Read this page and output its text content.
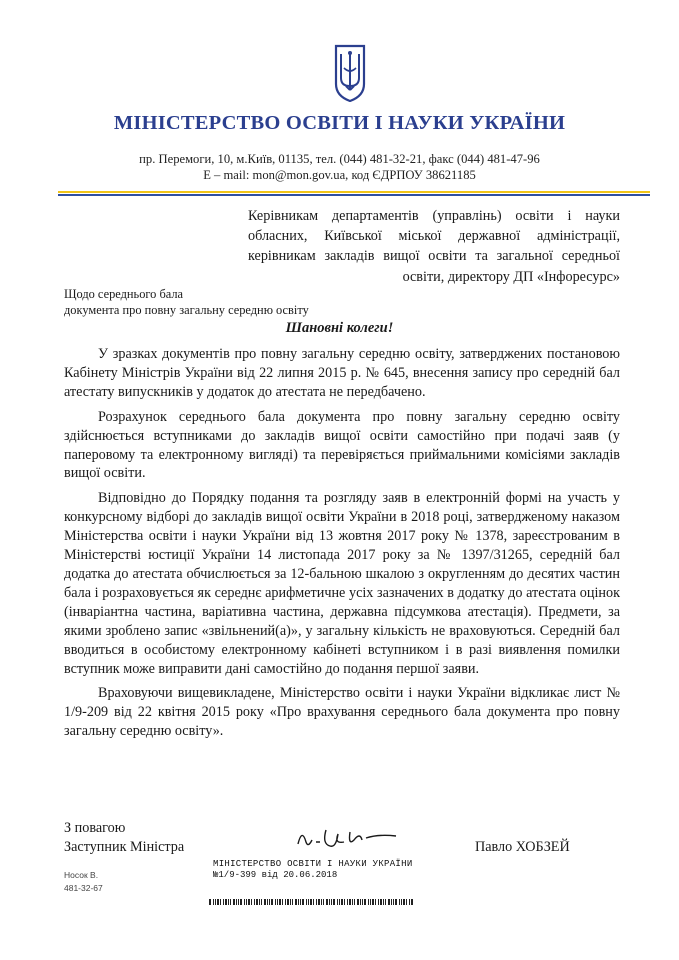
МІНІСТЕРСТВО ОСВІТИ І НАУКИ УКРАЇНИ
пр. Перемоги, 10, м.Київ, 01135, тел. (044) 481-32-21, факс (044) 481-47-96
E – mail: mon@mon.gov.ua, код ЄДРПОУ 38621185
Керівникам департаментів (управлінь) освіти і науки обласних, Київської міської державної адміністрації, керівникам закладів вищої освіти та загальної середньої освіти, директору ДП «Інфоресурс»
Щодо середнього бала
документа про повну загальну середню освіту
Шановні колеги!

У зразках документів про повну загальну середню освіту, затверджених постановою Кабінету Міністрів України від 22 липня 2015 р. № 645, внесення запису про середній бал атестату випускників у додаток до атестата не передбачено.

Розрахунок середнього бала документа про повну загальну середню освіту здійснюється вступниками до закладів вищої освіти самостійно при подачі заяв (у паперовому та електронному вигляді) та перевіряється приймальними комісіями закладів вищої освіти.

Відповідно до Порядку подання та розгляду заяв в електронній формі на участь у конкурсному відборі до закладів вищої освіти України в 2018 році, затвердженому наказом Міністерства освіти і науки України від 13 жовтня 2017 року № 1378, зареєстрованим в Міністерстві юстиції України 14 листопада 2017 року за № 1397/31265, середній бал додатка до атестата обчислюється за 12-бальною шкалою з округленням до десятих частин бала і розраховується як середнє арифметичне усіх зазначених в додатку до атестата оцінок (інваріантна частина, варіативна частина, державна підсумкова атестація). Предмети, за якими зроблено запис «звільнений(а)», у загальну кількість не враховуються. Середній бал вводиться в особистому електронному кабінеті вступником і в разі виявлення помилки вступник може виправити дані самостійно до подання першої заяви.

Враховуючи вищевикладене, Міністерство освіти і науки України відкликає лист № 1/9-209 від 22 квітня 2015 року «Про врахування середнього бала документа про повну загальну середню освіту».

З повагою
Заступник Міністра	Павло ХОБЗЕЙ
МІНІСТЕРСТВО ОСВІТИ І НАУКИ УКРАЇНИ
№1/9-399 від 20.06.2018
Носок В.
481-32-67
